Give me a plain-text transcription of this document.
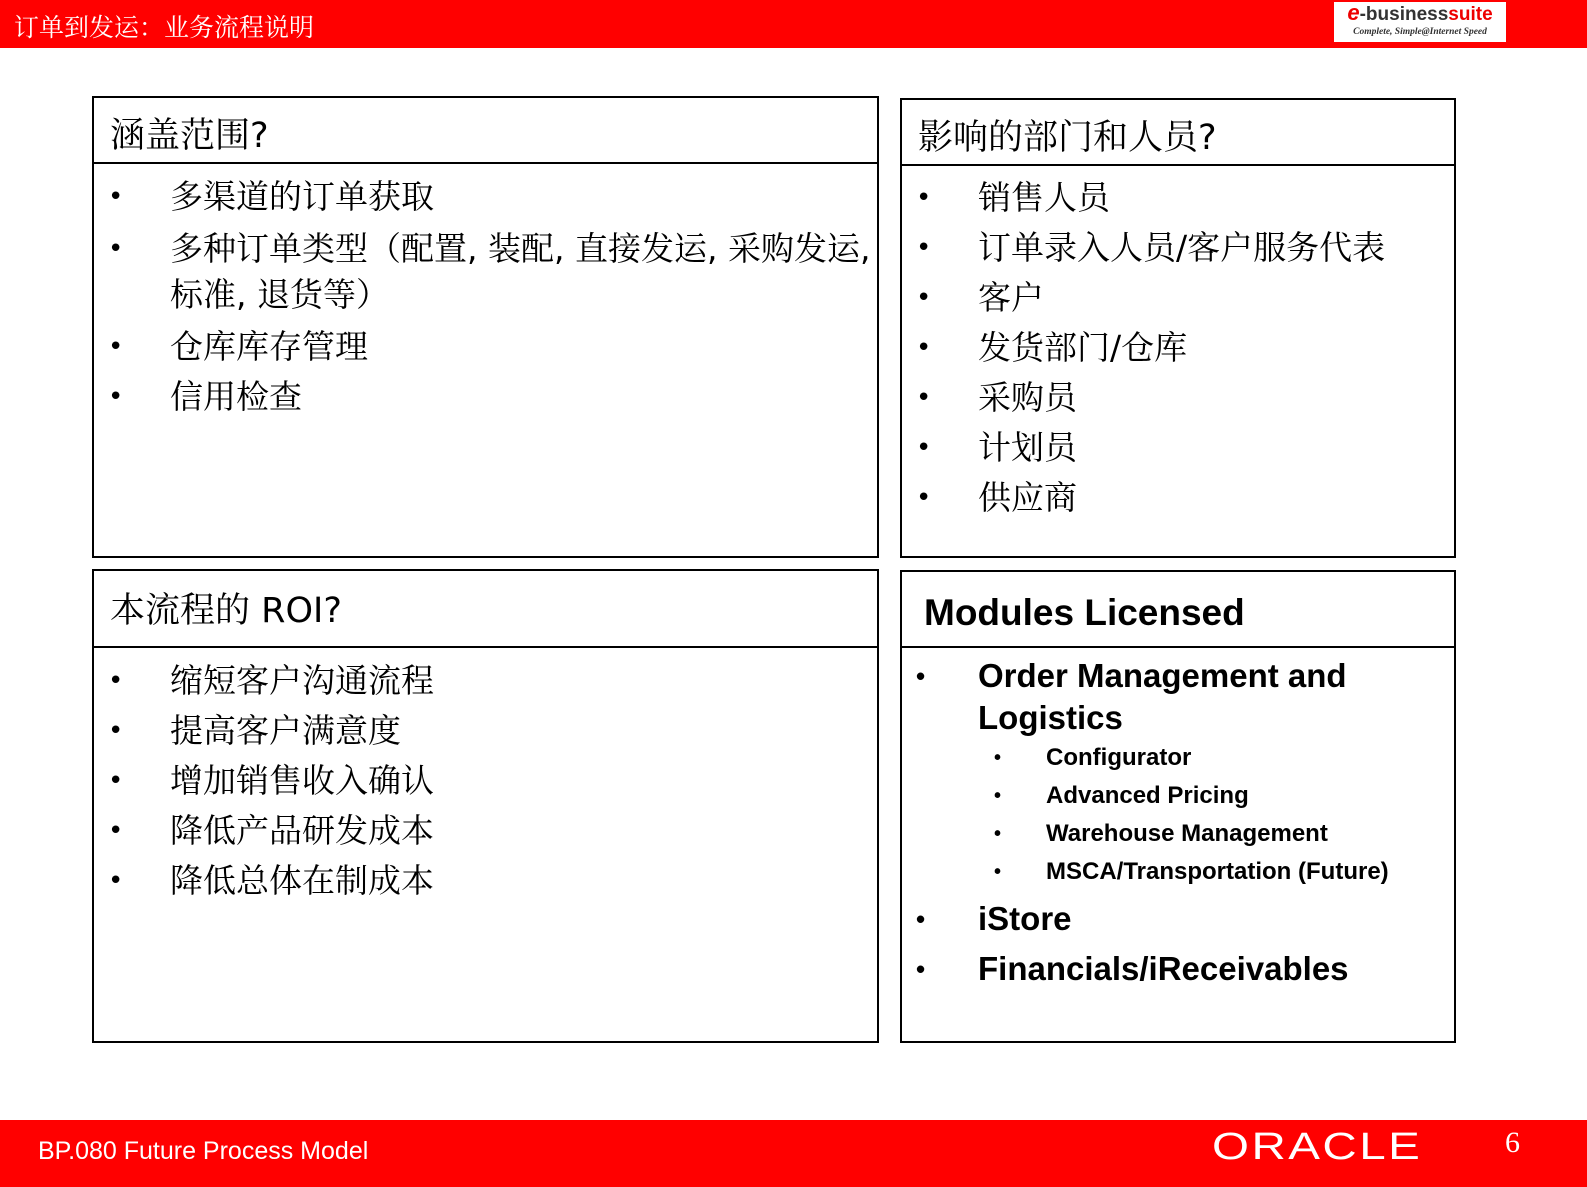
订单到发运：业务流程说明
e-businesssuite
Complete, Simple@Internet Speed
涵盖范围?
• 多渠道的订单获取
• 多种订单类型（配置, 装配, 直接发运, 采购发运, 标准, 退货等）
• 仓库库存管理
• 信用检查
影响的部门和人员?
• 销售人员
• 订单录入人员/客户服务代表
• 客户
• 发货部门/仓库
• 采购员
• 计划员
• 供应商
本流程的 ROI?
• 缩短客户沟通流程
• 提高客户满意度
• 增加销售收入确认
• 降低产品研发成本
• 降低总体在制成本
Modules Licensed
• Order Management and Logistics
• Configurator
• Advanced Pricing
• Warehouse Management
• MSCA/Transportation (Future)
• iStore
• Financials/iReceivables
BP.080 Future Process Model	ORACLE	6
